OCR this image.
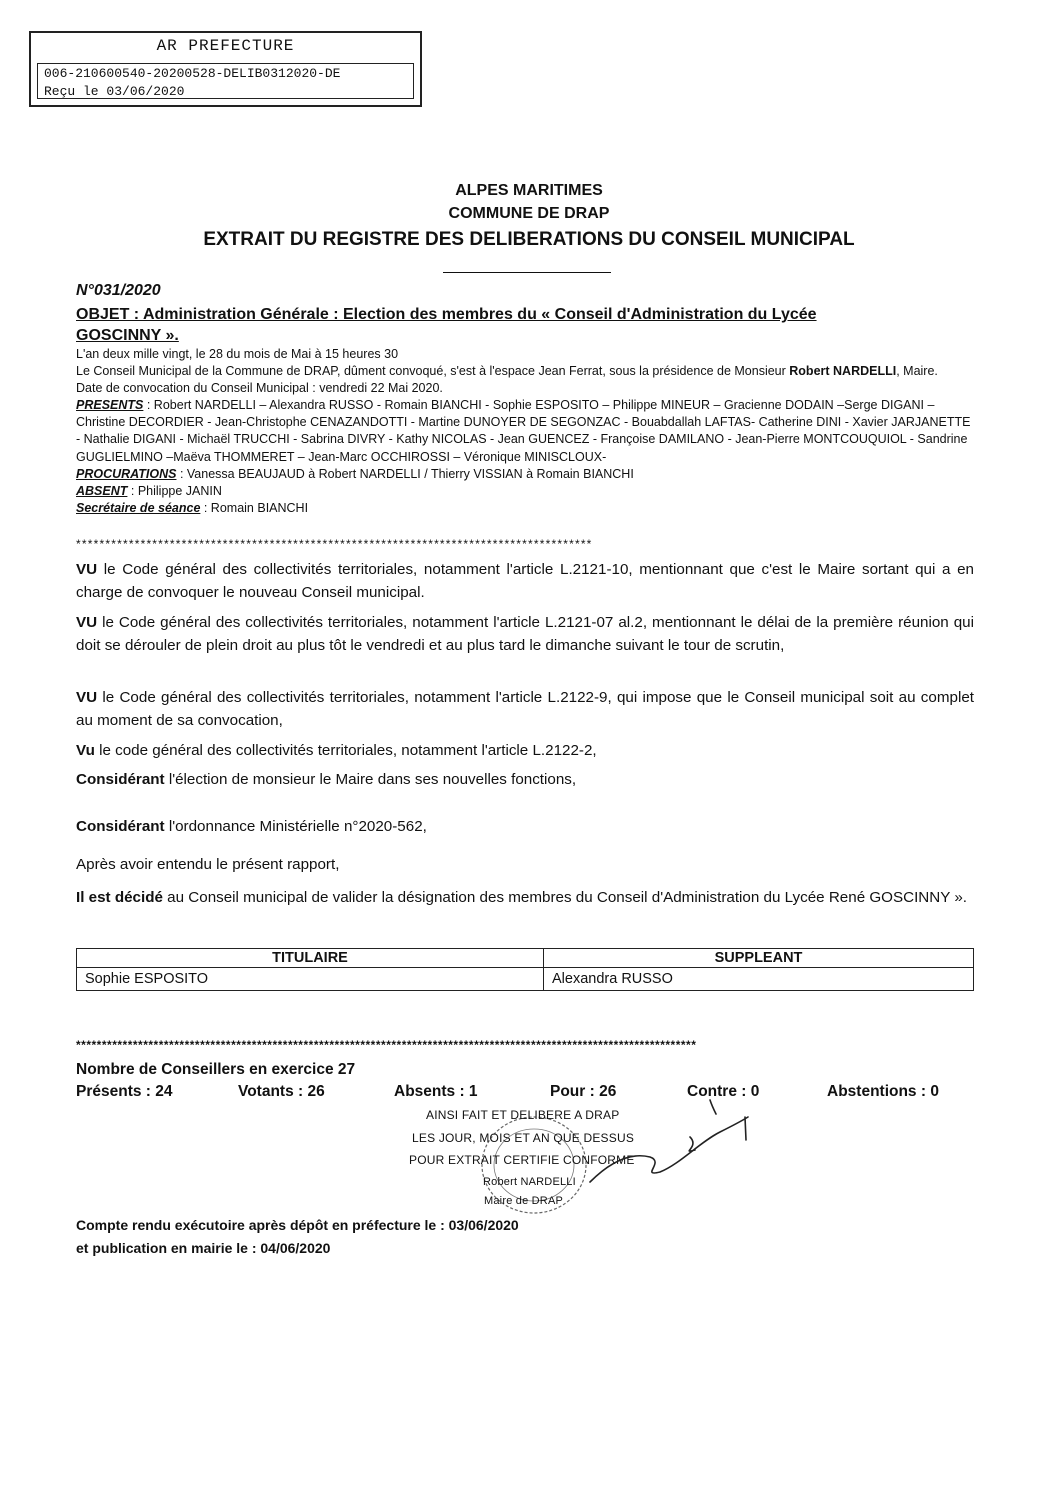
AR PREFECTURE
006-210600540-20200528-DELIB0312020-DE
Reçu le 03/06/2020
ALPES MARITIMES
COMMUNE DE DRAP
EXTRAIT DU REGISTRE DES DELIBERATIONS DU CONSEIL MUNICIPAL
N°031/2020
OBJET : Administration Générale : Election des membres du « Conseil d'Administration du Lycée GOSCINNY ».
L'an deux mille vingt, le 28 du mois de Mai à 15 heures 30
Le Conseil Municipal de la Commune de DRAP, dûment convoqué, s'est à l'espace Jean Ferrat, sous la présidence de Monsieur Robert NARDELLI, Maire.
Date de convocation du Conseil Municipal : vendredi 22 Mai 2020.
PRESENTS : Robert NARDELLI – Alexandra RUSSO - Romain BIANCHI - Sophie ESPOSITO – Philippe MINEUR – Gracienne DODAIN –Serge DIGANI – Christine DECORDIER - Jean-Christophe CENAZANDOTTI - Martine DUNOYER DE SEGONZAC - Bouabdallah LAFTAS- Catherine DINI - Xavier JARJANETTE - Nathalie DIGANI - Michaël TRUCCHI - Sabrina DIVRY - Kathy NICOLAS - Jean GUENCEZ - Françoise DAMILANO - Jean-Pierre MONTCOUQUIOL - Sandrine GUGLIELMINO –Maëva THOMMERET – Jean-Marc OCCHIROSSI – Véronique MINISCLOUX-
PROCURATIONS : Vanessa BEAUJAUD à Robert NARDELLI / Thierry VISSIAN à Romain BIANCHI
ABSENT : Philippe JANIN
Secrétaire de séance : Romain BIANCHI
****************************************************************************************
VU le Code général des collectivités territoriales, notamment l'article L.2121-10, mentionnant que c'est le Maire sortant qui a en charge de convoquer le nouveau Conseil municipal.
VU le Code général des collectivités territoriales, notamment l'article L.2121-07 al.2, mentionnant le délai de la première réunion qui doit se dérouler de plein droit au plus tôt le vendredi et au plus tard le dimanche suivant le tour de scrutin,
VU le Code général des collectivités territoriales, notamment l'article L.2122-9, qui impose que le Conseil municipal soit au complet au moment de sa convocation,
Vu le code général des collectivités territoriales, notamment l'article L.2122-2,
Considérant l'élection de monsieur le Maire dans ses nouvelles fonctions,
Considérant l'ordonnance Ministérielle n°2020-562,
Après avoir entendu le présent rapport,
Il est décidé au Conseil municipal de valider la désignation des membres du Conseil d'Administration du Lycée René GOSCINNY ».
TITULAIRE	SUPPLEANT
Sophie ESPOSITO	Alexandra RUSSO
************************************************************************************************************************
Nombre de Conseillers en exercice 27
Présents : 24	Votants : 26	Absents : 1	Pour : 26	Contre : 0	Abstentions : 0
AINSI FAIT ET DELIBERE A DRAP
LES JOUR, MOIS ET AN QUE DESSUS
POUR EXTRAIT CERTIFIE CONFORME
Robert NARDELLI
Maire de DRAP
Compte rendu exécutoire après dépôt en préfecture le : 03/06/2020
et publication en mairie le : 04/06/2020
